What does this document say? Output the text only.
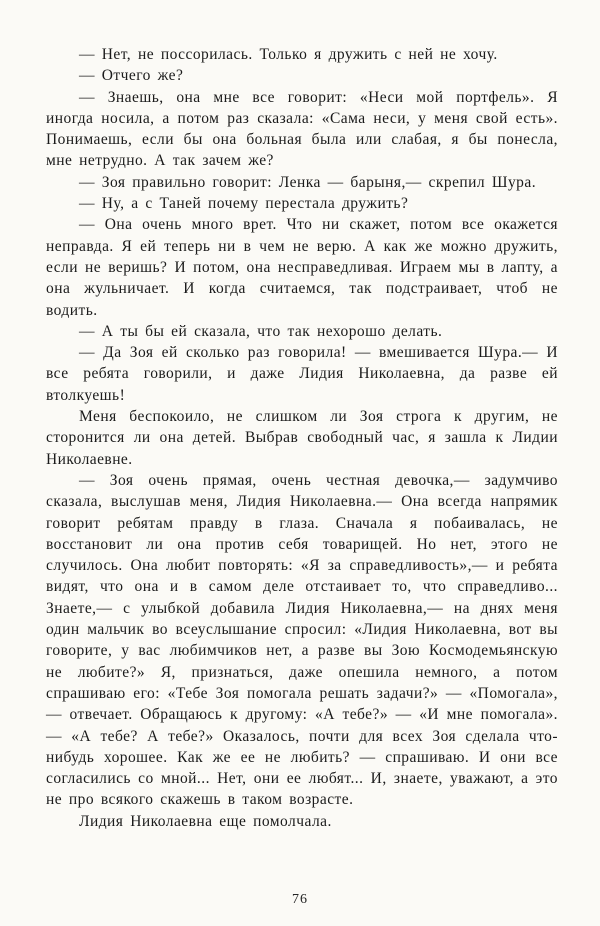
— Нет, не поссорилась. Только я дружить с ней не хочу.

— Отчего же?

— Знаешь, она мне все говорит: «Неси мой портфель». Я иногда носила, а потом раз сказала: «Сама неси, у меня свой есть». Понимаешь, если бы она больная была или слабая, я бы понесла, мне нетрудно. А так зачем же?

— Зоя правильно говорит: Ленка — барыня,— скрепил Шура.

— Ну, а с Таней почему перестала дружить?

— Она очень много врет. Что ни скажет, потом все окажется неправда. Я ей теперь ни в чем не верю. А как же можно дружить, если не веришь? И потом, она несправедливая. Играем мы в лапту, а она жульничает. И когда считаемся, так подстраивает, чтоб не водить.

— А ты бы ей сказала, что так нехорошо делать.

— Да Зоя ей сколько раз говорила! — вмешивается Шура.— И все ребята говорили, и даже Лидия Николаевна, да разве ей втолкуешь!

Меня беспокоило, не слишком ли Зоя строга к другим, не сторонится ли она детей. Выбрав свободный час, я зашла к Лидии Николаевне.

— Зоя очень прямая, очень честная девочка,— задумчиво сказала, выслушав меня, Лидия Николаевна.— Она всегда напрямик говорит ребятам правду в глаза. Сначала я побаивалась, не восстановит ли она против себя товарищей. Но нет, этого не случилось. Она любит повторять: «Я за справедливость»,— и ребята видят, что она и в самом деле отстаивает то, что справедливо... Знаете,— с улыбкой добавила Лидия Николаевна,— на днях меня один мальчик во всеуслышание спросил: «Лидия Николаевна, вот вы говорите, у вас любимчиков нет, а разве вы Зою Космодемьянскую не любите?» Я, признаться, даже опешила немного, а потом спрашиваю его: «Тебе Зоя помогала решать задачи?» — «Помогала»,— отвечает. Обращаюсь к другому: «А тебе?» — «И мне помогала».— «А тебе? А тебе?» Оказалось, почти для всех Зоя сделала что-нибудь хорошее. Как же ее не любить? — спрашиваю. И они все согласились со мной... Нет, они ее любят... И, знаете, уважают, а это не про всякого скажешь в таком возрасте.

Лидия Николаевна еще помолчала.

76
